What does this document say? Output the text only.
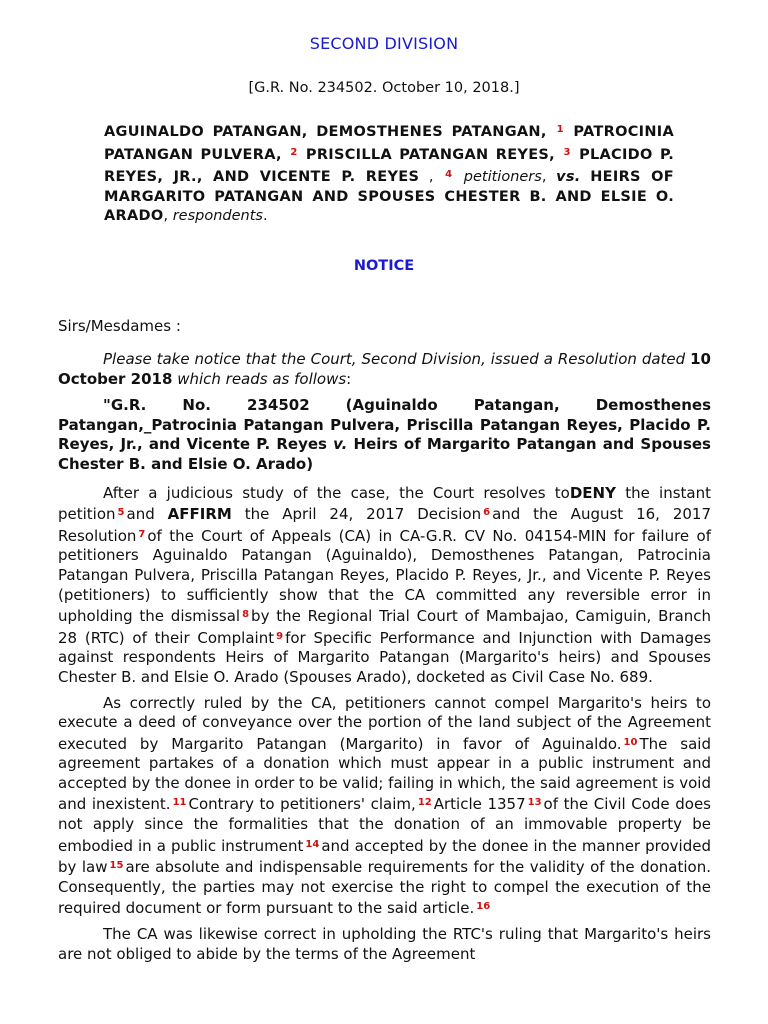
SECOND DIVISION
[G.R. No. 234502. October 10, 2018.]
AGUINALDO PATANGAN, DEMOSTHENES PATANGAN, $^1$ PATROCINIA PATANGAN PULVERA, $^2$ PRISCILLA PATANGAN REYES, $^3$ PLACIDO P. REYES, JR., AND VICENTE P. REYES , $^4$ petitioners, vs. HEIRS OF MARGARITO PATANGAN AND SPOUSES CHESTER B. AND ELSIE O. ARADO, respondents.
NOTICE
Sirs/Mesdames :

Please take notice that the Court, Second Division, issued a Resolution dated 10 October 2018 which reads as follows:

"G.R. No. 234502 (Aguinaldo Patangan, Demosthenes Patangan,_Patrocinia Patangan Pulvera, Priscilla Patangan Reyes, Placido P. Reyes, Jr., and Vicente P. Reyes v. Heirs of Margarito Patangan and Spouses Chester B. and Elsie O. Arado)

After a judicious study of the case, the Court resolves toDENY the instant petition $^5$ and AFFIRM the April 24, 2017 Decision $^6$ and the August 16, 2017 Resolution $^7$ of the Court of Appeals (CA) in CA-G.R. CV No. 04154-MIN for failure of petitioners Aguinaldo Patangan (Aguinaldo), Demosthenes Patangan, Patrocinia Patangan Pulvera, Priscilla Patangan Reyes, Placido P. Reyes, Jr., and Vicente P. Reyes (petitioners) to sufficiently show that the CA committed any reversible error in upholding the dismissal $^8$ by the Regional Trial Court of Mambajao, Camiguin, Branch 28 (RTC) of their Complaint $^9$ for Specific Performance and Injunction with Damages against respondents Heirs of Margarito Patangan (Margarito's heirs) and Spouses Chester B. and Elsie O. Arado (Spouses Arado), docketed as Civil Case No. 689.

As correctly ruled by the CA, petitioners cannot compel Margarito's heirs to execute a deed of conveyance over the portion of the land subject of the Agreement executed by Margarito Patangan (Margarito) in favor of Aguinaldo. $^{10}$ The said agreement partakes of a donation which must appear in a public instrument and accepted by the donee in order to be valid; failing in which, the said agreement is void and inexistent. $^{11}$ Contrary to petitioners' claim, $^{12}$ Article 1357 $^{13}$ of the Civil Code does not apply since the formalities that the donation of an immovable property be embodied in a public instrument $^{14}$ and accepted by the donee in the manner provided by law $^{15}$ are absolute and indispensable requirements for the validity of the donation. Consequently, the parties may not exercise the right to compel the execution of the required document or form pursuant to the said article. $^{16}$

The CA was likewise correct in upholding the RTC's ruling that Margarito's heirs are not obliged to abide by the terms of the Agreement
